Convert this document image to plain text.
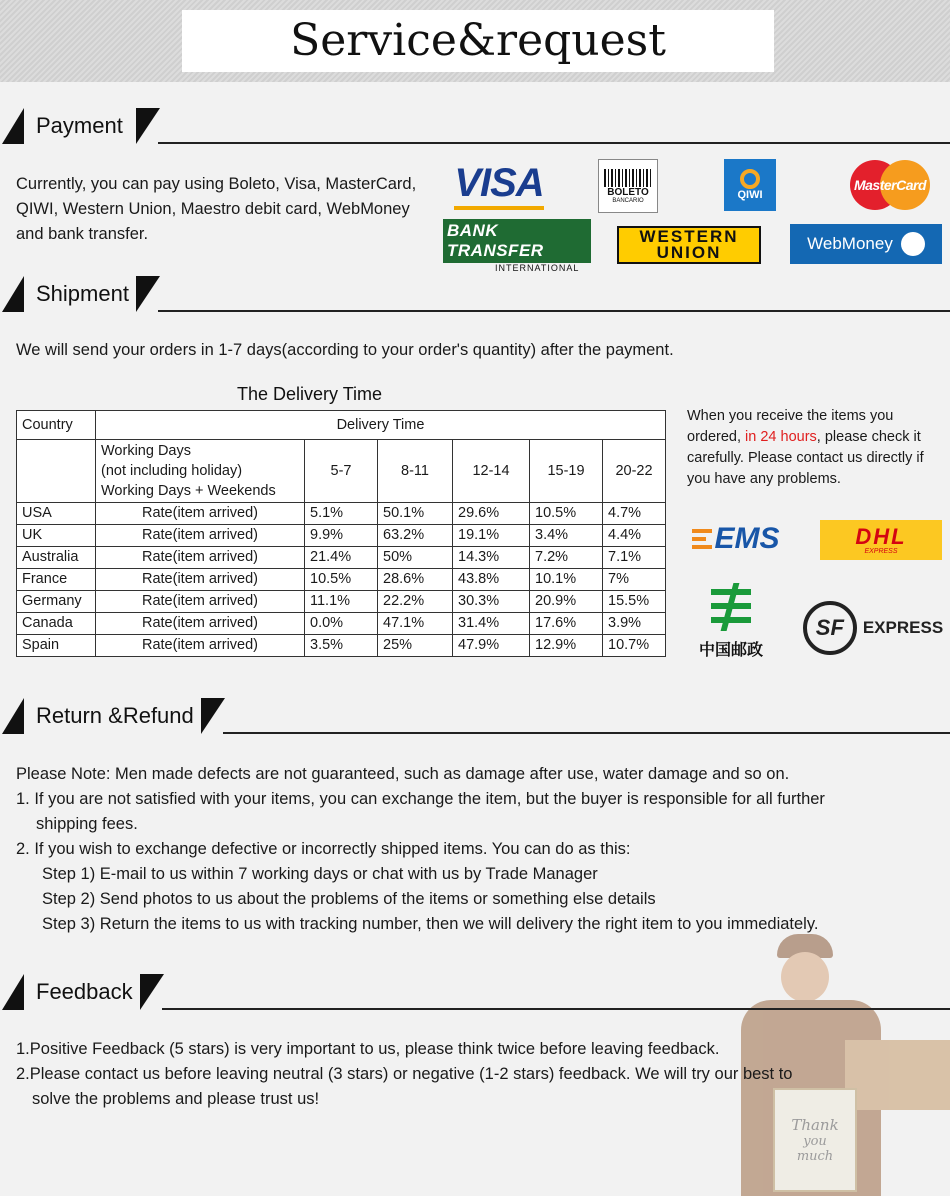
Service&request
Payment

Currently, you can pay using Boleto, Visa, MasterCard, QIWI, Western Union, Maestro debit card, WebMoney and bank transfer.

VISA	BOLETO
BANCARIO	QIWI
MasterCard
BANK TRANSFER
INTERNATIONAL
WESTERN
UNION	WebMoney
Shipment

We will send your orders in 1-7 days(according to your order's quantity) after the payment.

The Delivery Time
Country	Delivery Time					

	Working Days
(not including holiday)
Working Days + Weekends	5-7	8-11	12-14	15-19	20-22
USA	Rate(item arrived)	5.1%	50.1%	29.6%	10.5%	4.7%
UK	Rate(item arrived)	9.9%	63.2%	19.1%	3.4%	4.4%
Australia	Rate(item arrived)	21.4%	50%	14.3%	7.2%	7.1%
France	Rate(item arrived)	10.5%	28.6%	43.8%	10.1%	7%
Germany	Rate(item arrived)	11.1%	22.2%	30.3%	20.9%	15.5%
Canada	Rate(item arrived)	0.0%	47.1%	31.4%	17.6%	3.9%
Spain	Rate(item arrived)	3.5%	25%	47.9%	12.9%	10.7%
When you receive the items you ordered, in 24 hours, please check it carefully. Please contact us directly if you have any problems.
EMS	DHL
EXPRESS
中国邮政
SF EXPRESS
Return &Refund

Please Note: Men made defects are not guaranteed, such as damage after use, water damage and so on.

1. If you are not satisfied with your items, you can exchange the item, but the buyer is responsible for all further

shipping fees.

2. If you wish to exchange defective or incorrectly shipped items. You can do as this:

Step 1) E-mail to us within 7 working days or chat with us by Trade Manager

Step 2) Send photos to us about the problems of the items or something else details

Step 3) Return the items to us with tracking number, then we will delivery the right item to you immediately.

Thank
you
much
Feedback

1.Positive Feedback (5 stars) is very important to us, please think twice before leaving feedback.

2.Please contact us before leaving neutral (3 stars) or negative (1-2 stars) feedback. We will try our best to

solve the problems and please trust us!
